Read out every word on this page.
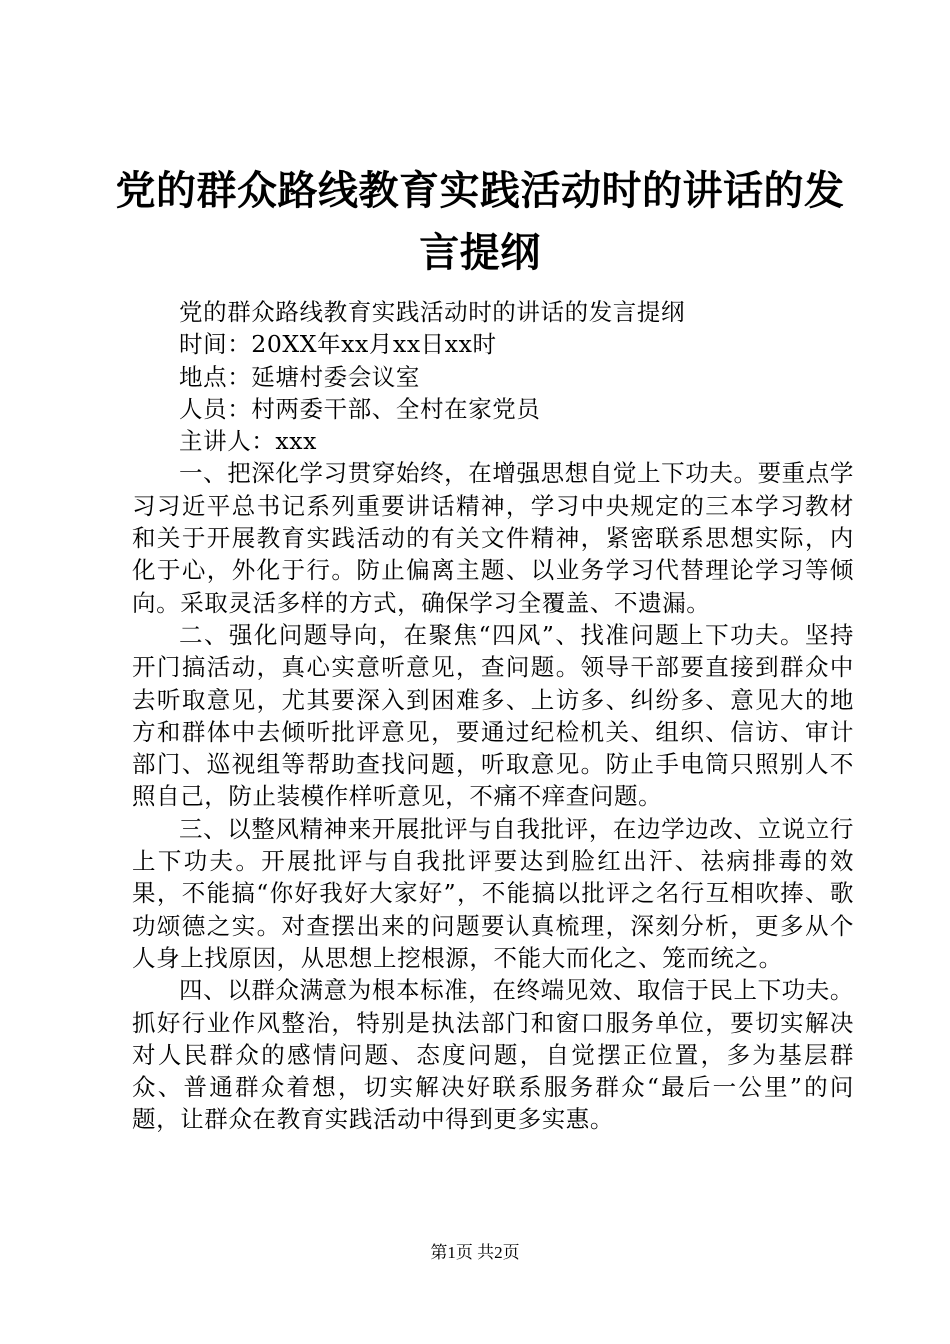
党的群众路线教育实践活动时的讲话的发言提纲

党的群众路线教育实践活动时的讲话的发言提纲

时间：20XX年xx月xx日xx时

地点：延塘村委会议室

人员：村两委干部、全村在家党员

主讲人：xxx

一、把深化学习贯穿始终，在增强思想自觉上下功夫。要重点学习习近平总书记系列重要讲话精神，学习中央规定的三本学习教材和关于开展教育实践活动的有关文件精神，紧密联系思想实际，内化于心，外化于行。防止偏离主题、以业务学习代替理论学习等倾向。采取灵活多样的方式，确保学习全覆盖、不遗漏。

二、强化问题导向，在聚焦“四风”、找准问题上下功夫。坚持开门搞活动，真心实意听意见，查问题。领导干部要直接到群众中去听取意见，尤其要深入到困难多、上访多、纠纷多、意见大的地方和群体中去倾听批评意见，要通过纪检机关、组织、信访、审计部门、巡视组等帮助查找问题，听取意见。防止手电筒只照别人不照自己，防止装模作样听意见，不痛不痒查问题。

三、以整风精神来开展批评与自我批评，在边学边改、立说立行上下功夫。开展批评与自我批评要达到脸红出汗、祛病排毒的效果，不能搞“你好我好大家好”，不能搞以批评之名行互相吹捧、歌功颂德之实。对查摆出来的问题要认真梳理，深刻分析，更多从个人身上找原因，从思想上挖根源，不能大而化之、笼而统之。

四、以群众满意为根本标准，在终端见效、取信于民上下功夫。抓好行业作风整治，特别是执法部门和窗口服务单位，要切实解决对人民群众的感情问题、态度问题，自觉摆正位置，多为基层群众、普通群众着想，切实解决好联系服务群众“最后一公里”的问题，让群众在教育实践活动中得到更多实惠。

第1页 共2页
